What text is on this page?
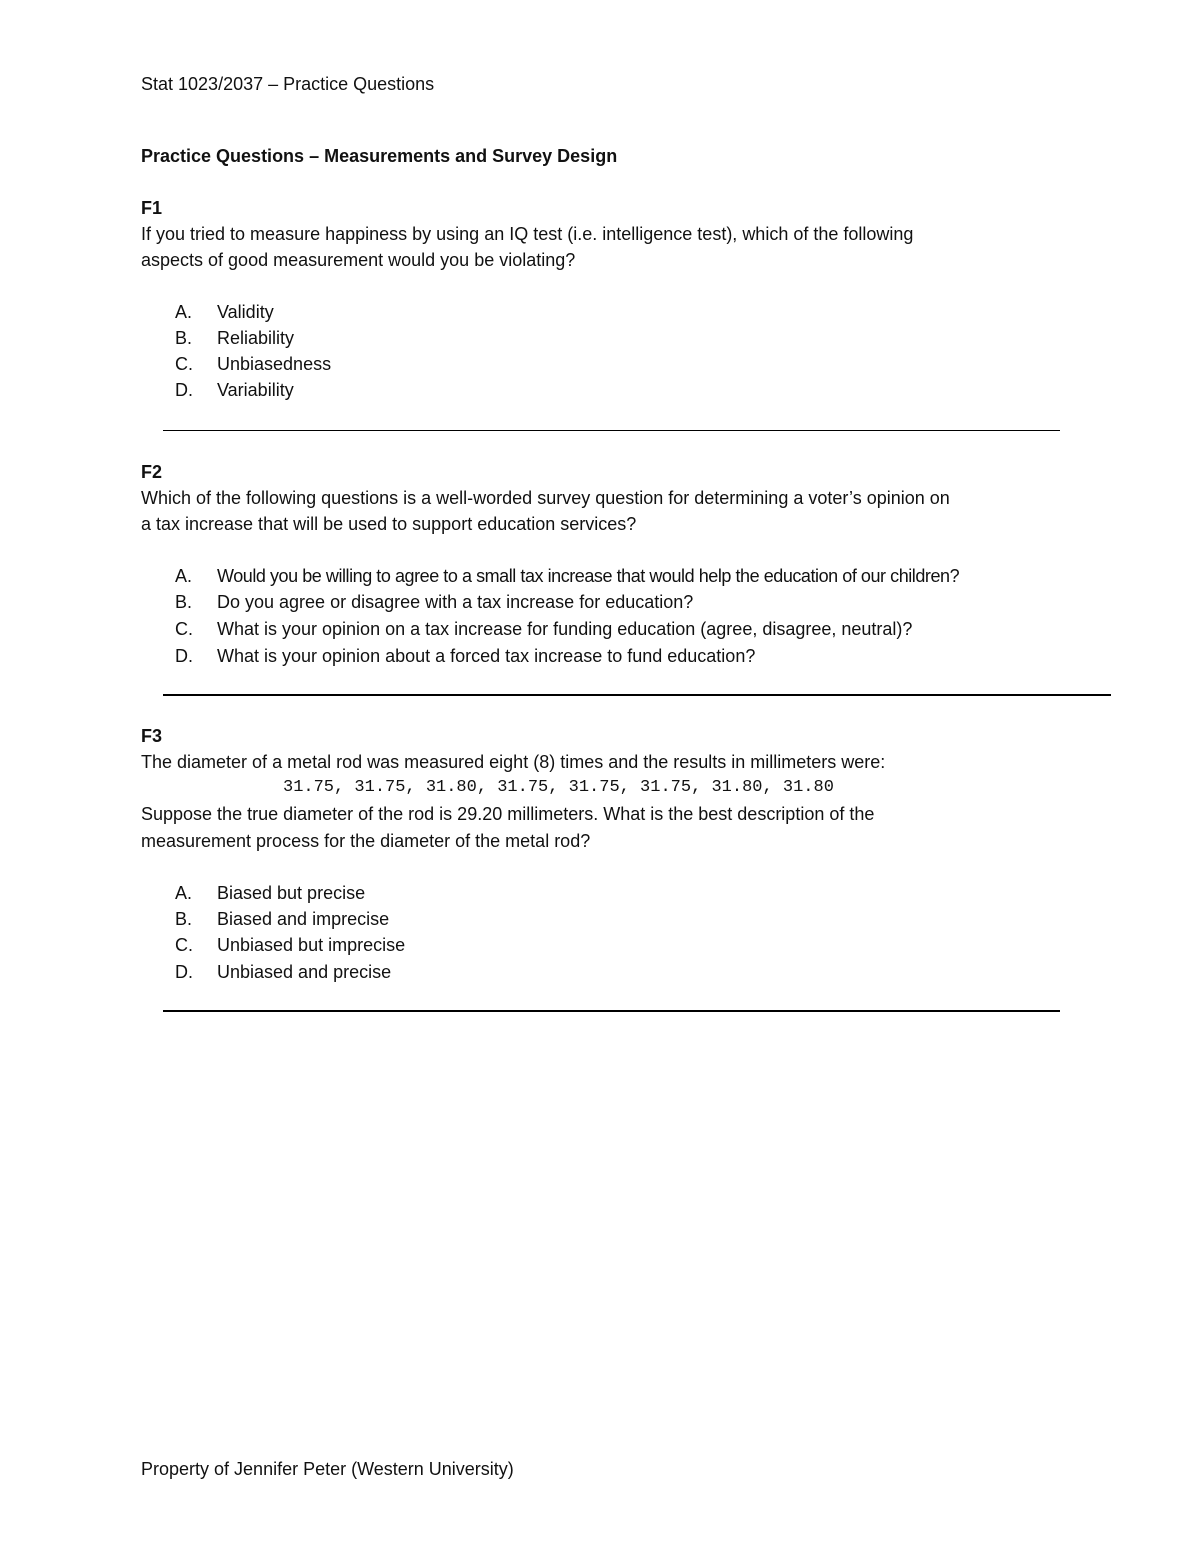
Stat 1023/2037 – Practice Questions
Practice Questions – Measurements and Survey Design
F1
If you tried to measure happiness by using an IQ test (i.e. intelligence test), which of the following
aspects of good measurement would you be violating?
A. Validity
B. Reliability
C. Unbiasedness
D. Variability
F2
Which of the following questions is a well-worded survey question for determining a voter’s opinion on
a tax increase that will be used to support education services?
A. Would you be willing to agree to a small tax increase that would help the education of our children?
B. Do you agree or disagree with a tax increase for education?
C. What is your opinion on a tax increase for funding education (agree, disagree, neutral)?
D. What is your opinion about a forced tax increase to fund education?
F3
The diameter of a metal rod was measured eight (8) times and the results in millimeters were:
31.75, 31.75, 31.80, 31.75, 31.75, 31.75, 31.80, 31.80
Suppose the true diameter of the rod is 29.20 millimeters. What is the best description of the
measurement process for the diameter of the metal rod?
A. Biased but precise
B. Biased and imprecise
C. Unbiased but imprecise
D. Unbiased and precise
Property of Jennifer Peter (Western University)
